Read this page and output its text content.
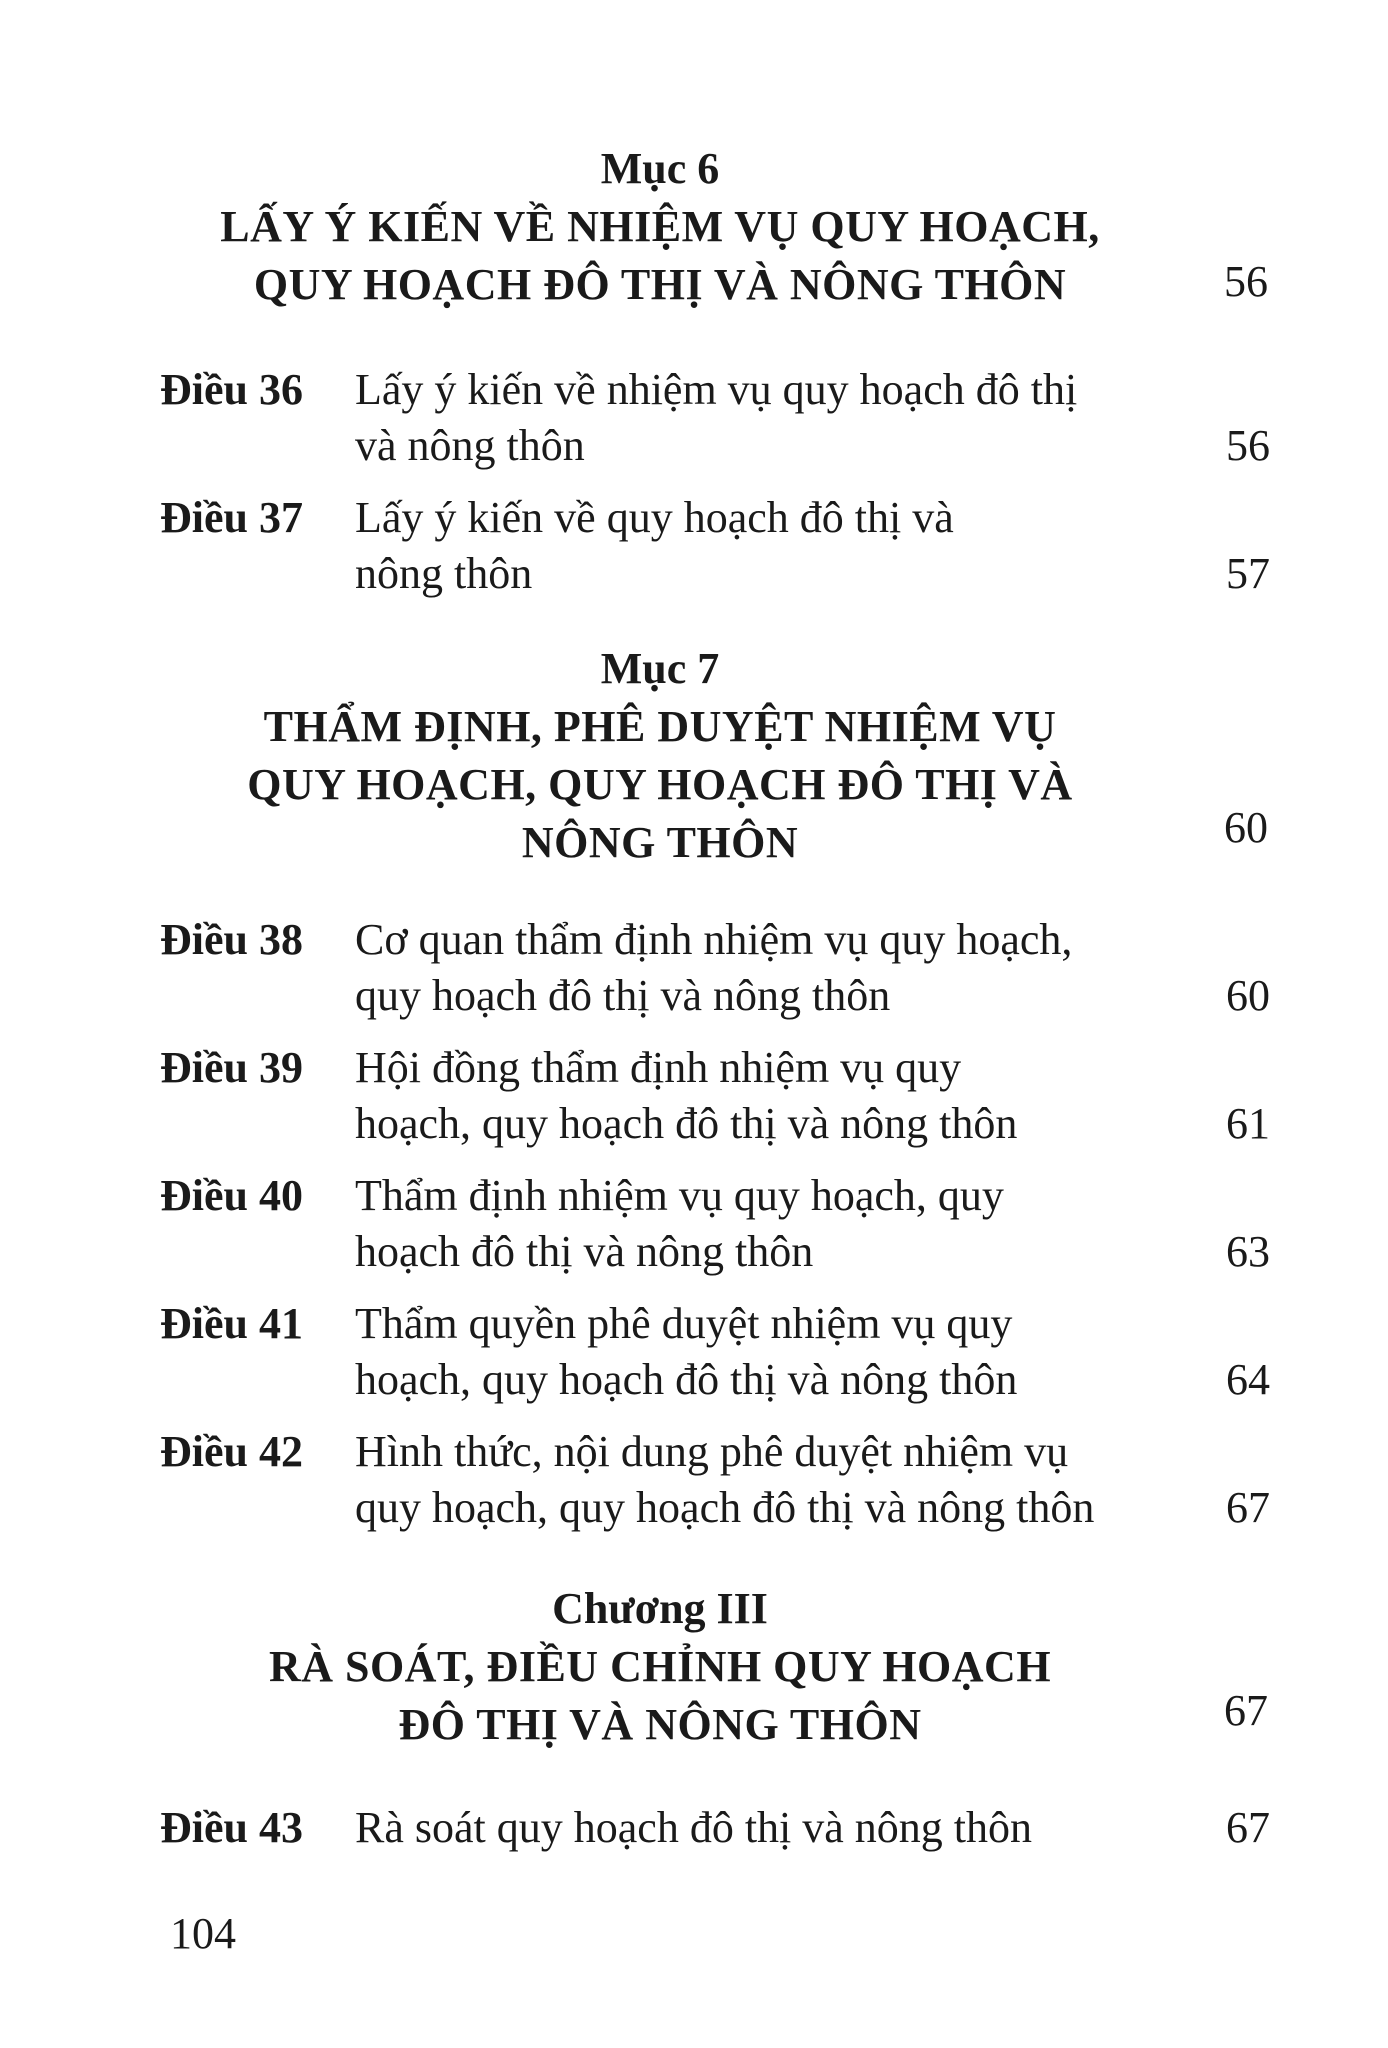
Mục 6
LẤY Ý KIẾN VỀ NHIỆM VỤ QUY HOẠCH,
QUY HOẠCH ĐÔ THỊ VÀ NÔNG THÔN	56
Điều 36 Lấy ý kiến về nhiệm vụ quy hoạch đô thị
và nông thôn	56
Điều 37 Lấy ý kiến về quy hoạch đô thị và
nông thôn	57
Mục 7
THẨM ĐỊNH, PHÊ DUYỆT NHIỆM VỤ
QUY HOẠCH, QUY HOẠCH ĐÔ THỊ VÀ
NÔNG THÔN	60
Điều 38 Cơ quan thẩm định nhiệm vụ quy hoạch,
quy hoạch đô thị và nông thôn	60
Điều 39 Hội đồng thẩm định nhiệm vụ quy
hoạch, quy hoạch đô thị và nông thôn	61
Điều 40 Thẩm định nhiệm vụ quy hoạch, quy
hoạch đô thị và nông thôn	63
Điều 41 Thẩm quyền phê duyệt nhiệm vụ quy
hoạch, quy hoạch đô thị và nông thôn	64
Điều 42 Hình thức, nội dung phê duyệt nhiệm vụ
quy hoạch, quy hoạch đô thị và nông thôn	67
Chương III
RÀ SOÁT, ĐIỀU CHỈNH QUY HOẠCH
ĐÔ THỊ VÀ NÔNG THÔN	67
Điều 43 Rà soát quy hoạch đô thị và nông thôn	67
104
